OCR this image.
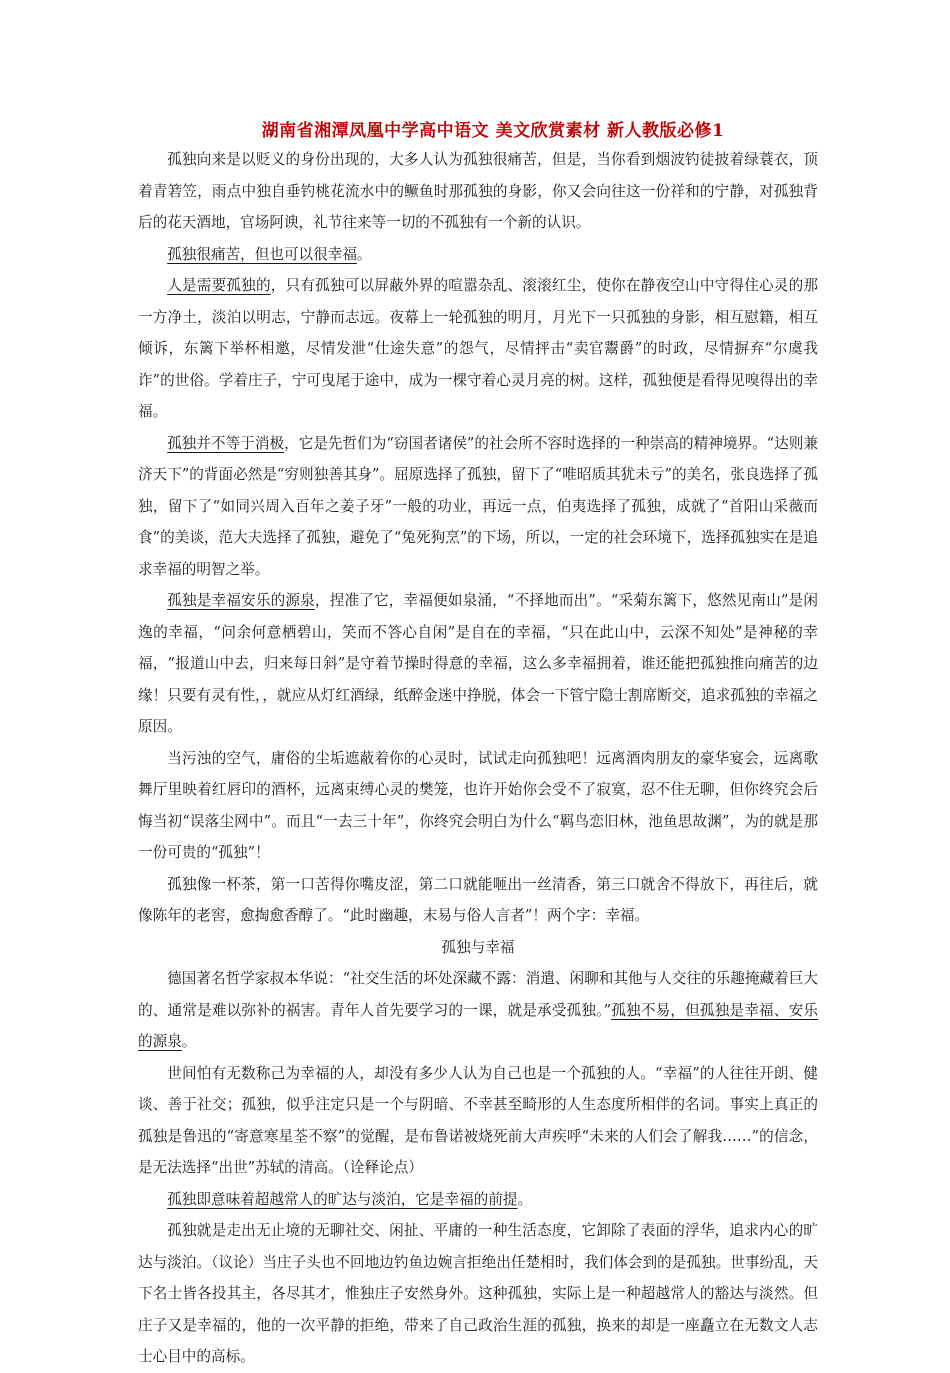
湖南省湘潭凤凰中学高中语文 美文欣赏素材 新人教版必修1

孤独向来是以贬义的身份出现的，大多人认为孤独很痛苦，但是，当你看到烟波钓徒披着绿蓑衣，顶着青箬笠，雨点中独自垂钓桃花流水中的鳜鱼时那孤独的身影，你又会向往这一份祥和的宁静，对孤独背后的花天酒地，官场阿谀，礼节往来等一切的不孤独有一个新的认识。

孤独很痛苦，但也可以很幸福。

人是需要孤独的，只有孤独可以屏蔽外界的喧嚣杂乱、滚滚红尘，使你在静夜空山中守得住心灵的那一方净土，淡泊以明志，宁静而志远。夜幕上一轮孤独的明月，月光下一只孤独的身影，相互慰籍，相互倾诉，东篱下举杯相邀，尽情发泄“仕途失意”的怨气，尽情抨击“卖官鬻爵”的时政，尽情摒弃“尔虞我诈”的世俗。学着庄子，宁可曳尾于途中，成为一棵守着心灵月亮的树。这样，孤独便是看得见嗅得出的幸福。

孤独并不等于消极，它是先哲们为“窃国者诸侯”的社会所不容时选择的一种崇高的精神境界。“达则兼济天下”的背面必然是“穷则独善其身”。屈原选择了孤独，留下了“唯昭质其犹未亏”的美名，张良选择了孤独，留下了“如同兴周入百年之姜子牙”一般的功业，再远一点，伯夷选择了孤独，成就了“首阳山采薇而食”的美谈，范大夫选择了孤独，避免了“兔死狗烹”的下场，所以，一定的社会环境下，选择孤独实在是追求幸福的明智之举。

孤独是幸福安乐的源泉，捏准了它，幸福便如泉涌，“不择地而出”。“采菊东篱下，悠然见南山”是闲逸的幸福，“问余何意栖碧山，笑而不答心自闲”是自在的幸福，“只在此山中，云深不知处”是神秘的幸福，“报道山中去，归来每日斜”是守着节操时得意的幸福，这么多幸福拥着，谁还能把孤独推向痛苦的边缘！只要有灵有性，，就应从灯红酒绿，纸醉金迷中挣脱，体会一下管宁隐士割席断交，追求孤独的幸福之原因。

当污浊的空气，庸俗的尘垢遮蔽着你的心灵时，试试走向孤独吧！远离酒肉朋友的豪华宴会，远离歌舞厅里映着红唇印的酒杯，远离束缚心灵的樊笼，也许开始你会受不了寂寞，忍不住无聊，但你终究会后悔当初“误落尘网中”。而且“一去三十年”，你终究会明白为什么“羁鸟恋旧林，池鱼思故渊”，为的就是那一份可贵的“孤独”！

孤独像一杯茶，第一口苦得你嘴皮涩，第二口就能咂出一丝清香，第三口就舍不得放下，再往后，就像陈年的老窖，愈掏愈香醇了。“此时幽趣，末易与俗人言者”！两个字：幸福。

孤独与幸福

德国著名哲学家叔本华说：“社交生活的坏处深藏不露：消遣、闲聊和其他与人交往的乐趣掩藏着巨大的、通常是难以弥补的祸害。青年人首先要学习的一课，就是承受孤独。”孤独不易，但孤独是幸福、安乐的源泉。

世间怕有无数称己为幸福的人，却没有多少人认为自己也是一个孤独的人。“幸福”的人往往开朗、健谈、善于社交；孤独，似乎注定只是一个与阴暗、不幸甚至畸形的人生态度所相伴的名词。事实上真正的孤独是鲁迅的“寄意寒星荃不察”的觉醒，是布鲁诺被烧死前大声疾呼“未来的人们会了解我……”的信念，是无法选择“出世”苏轼的清高。（诠释论点）

孤独即意味着超越常人的旷达与淡泊，它是幸福的前提。

孤独就是走出无止境的无聊社交、闲扯、平庸的一种生活态度，它卸除了表面的浮华，追求内心的旷达与淡泊。（议论）当庄子头也不回地边钓鱼边婉言拒绝出任楚相时，我们体会到的是孤独。世事纷乱，天下名士皆各投其主，各尽其才，惟独庄子安然身外。这种孤独，实际上是一种超越常人的豁达与淡然。但庄子又是幸福的，他的一次平静的拒绝，带来了自己政治生涯的孤独，换来的却是一座矗立在无数文人志士心目中的高标。
